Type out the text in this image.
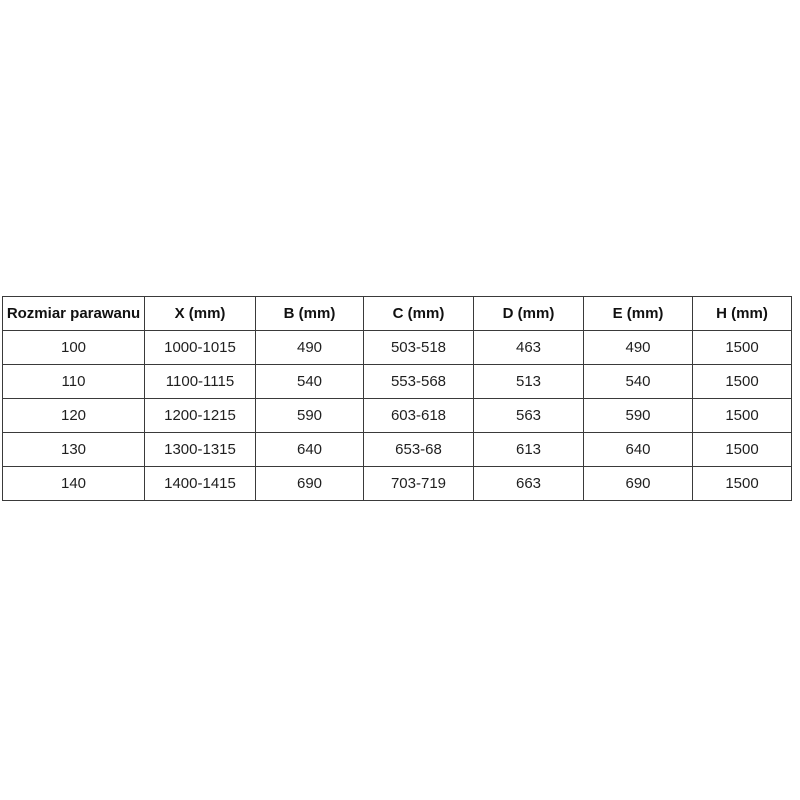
Rozmiar parawanu	X (mm)	B (mm)	C (mm)	D (mm)	E (mm)	H (mm)
100	1000-1015	490	503-518	463	490	1500
110	1100-1115	540	553-568	513	540	1500
120	1200-1215	590	603-618	563	590	1500
130	1300-1315	640	653-68	613	640	1500
140	1400-1415	690	703-719	663	690	1500
